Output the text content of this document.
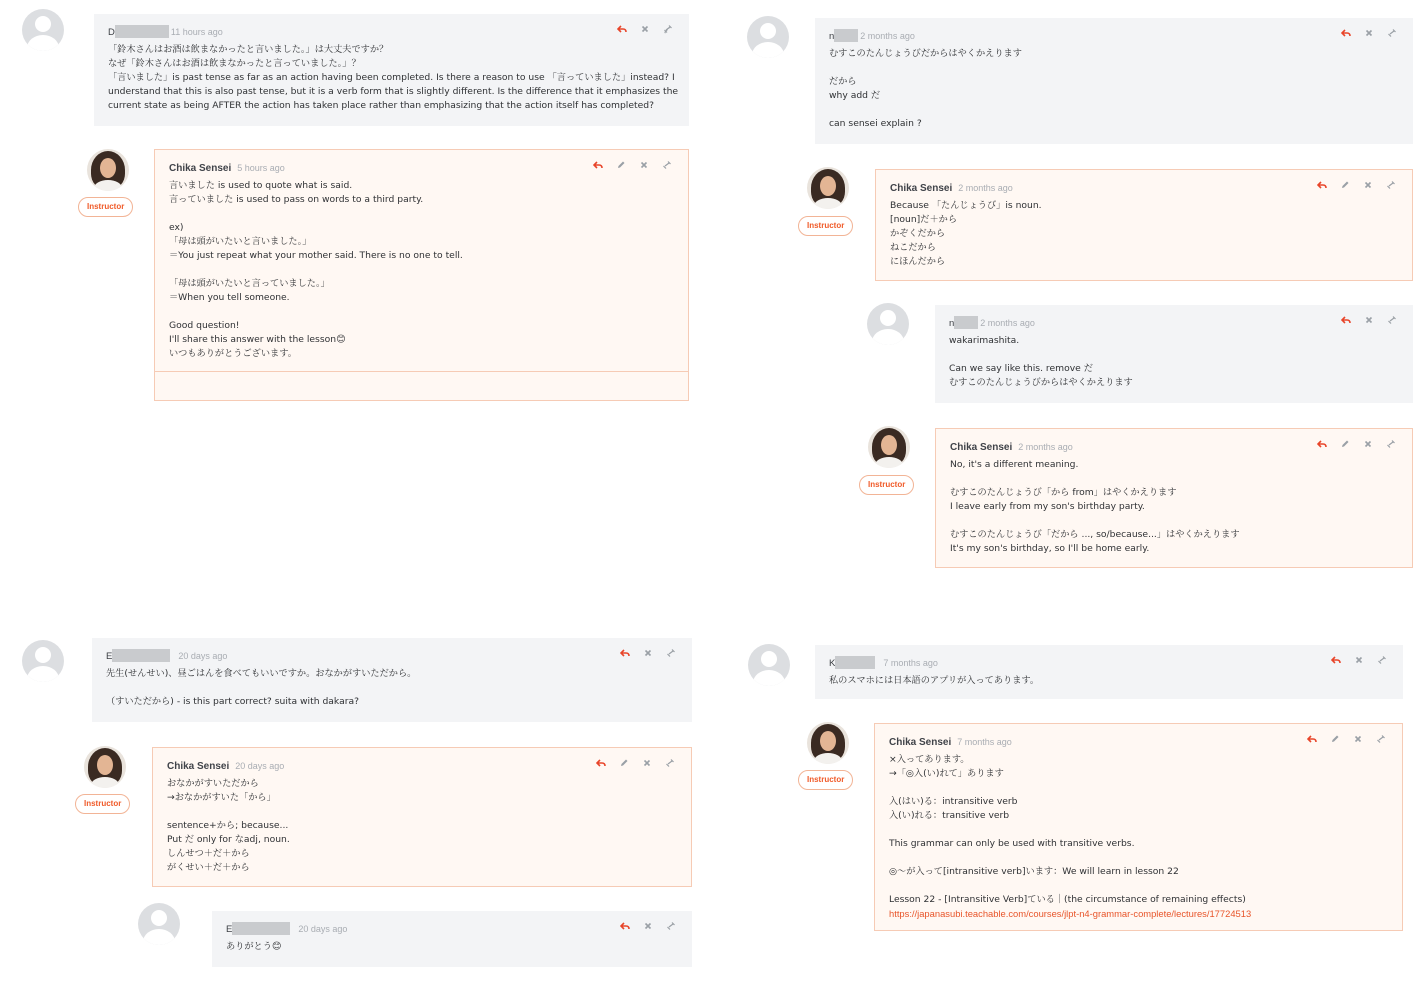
D	11 hours ago
「鈴木さんはお酒は飲まなかったと言いました。」は大丈夫ですか？
なぜ「鈴木さんはお酒は飲まなかったと言っていました。」？
「言いました」is past tense as far as an action having been completed. Is there a reason to use 「言っていました」instead? I
understand that this is also past tense, but it is a verb form that is slightly different. Is the difference that it emphasizes the
current state as being AFTER the action has taken place rather than emphasizing that the action itself has completed?
Instructor
Chika Sensei 5 hours ago
言いました is used to quote what is said.
言っていました is used to pass on words to a third party.

ex)
「母は頭がいたいと言いました。」
＝You just repeat what your mother said. There is no one to tell.

「母は頭がいたいと言っていました。」
＝When you tell someone.

Good question!
I'll share this answer with the lesson😊
いつもありがとうございます。
n	2 months ago
むすこのたんじょうびだからはやくかえります

だから
why add だ

can sensei explain ?
Instructor
Chika Sensei 2 months ago
Because 「たんじょうび」is noun.
[noun]だ＋から
かぞくだから
ねこだから
にほんだから
n	2 months ago
wakarimashita.

Can we say like this. remove だ
むすこのたんじょうびからはやくかえります
Instructor
Chika Sensei 2 months ago
No, it's a different meaning.

むすこのたんじょうび「から from」はやくかえります
I leave early from my son's birthday party.

むすこのたんじょうび「だから ..., so/because...」はやくかえります
It's my son's birthday, so I'll be home early.
E	20 days ago
先生(せんせい)、昼ごはんを食べてもいいですか。おなかがすいただから。

（すいただから) - is this part correct? suita with dakara?
Instructor
Chika Sensei 20 days ago
おなかがすいただから
→おなかがすいた「から」

sentence+から; because...
Put だ only for なadj, noun.
しんせつ＋だ＋から
がくせい＋だ＋から
E	20 days ago
ありがとう😊
K	7 months ago
私のスマホには日本語のアプリが入ってあります。
Instructor
Chika Sensei 7 months ago
×入ってあります。
→「◎入(い)れて」あります

入(はい)る：intransitive verb
入(い)れる：transitive verb

This grammar can only be used with transitive verbs.

◎〜が入って[intransitive verb]います：We will learn in lesson 22

Lesson 22 - [Intransitive Verb]ている｜(the circumstance of remaining effects)
https://japanasubi.teachable.com/courses/jlpt-n4-grammar-complete/lectures/17724513
